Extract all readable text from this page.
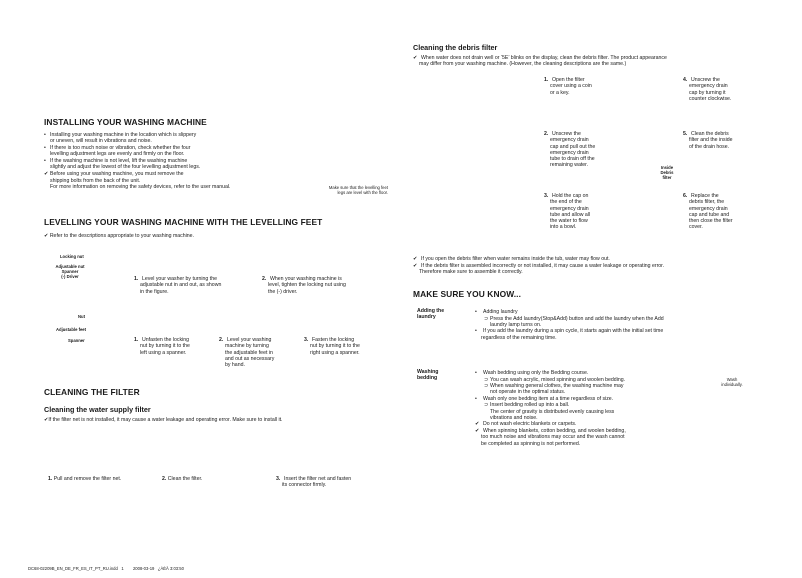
INSTALLING YOUR WASHING MACHINE
• Installing your washing machine in the location which is slippery
or uneven, will result in vibrations and noise.
• If there is too much noise or vibration, check whether the four
levelling adjustment legs are evenly and firmly on the floor.
• If the washing machine is not level, lift the washing machine
slightly and adjust the lowest of the four levelling adjustment legs.
✔ Before using your washing machine, you must remove the
shipping bolts from the back of the unit.
For more information on removing the safety devices, refer to the user manual.	Make sure that the levelling feet
legs are level with the floor.
LEVELLING YOUR WASHING MACHINE WITH THE LEVELLING FEET
✔ Refer to the descriptions appropriate to your washing machine.
Locking nut
Adjustable nut
Spanner
(-) Driver
Nut
Adjustable feet
Spanner
1. Level your washer by turning the
adjustable nut in and out, as shown
in the figure.
2. When your washing machine is
level, tighten the locking nut using
the (-) driver.
1. Unfasten the locking
nut by turning it to the
left using a spanner.
2. Level your washing
machine by turning
the adjustable feet in
and out as necessary
by hand.
3. Fasten the locking
nut by turning it to the
right using a spanner.
CLEANING THE FILTER
Cleaning the water supply filter
✔If the filter net is not installed, it may cause a water leakage and operating error. Make sure to install it.
1. Pull and remove the filter net.	2. Clean the filter.	3. Insert the filter net and fasten
its connector firmly.
DC68-02209B_EN_DE_FR_ES_IT_PT_RU.indd   1        2008-03-19   ¿ÀÈÄ 3:03:50
Cleaning the debris filter
✔ When water does not drain well or ‘5E’ blinks on the display, clean the debris filter. The product appearance
may differ from your washing machine. (However, the cleaning descriptions are the same.)
1. Open the filter
cover using a coin
or a key.
4. Unscrew the
emergency drain
cap by turning it
counter clockwise.
2. Unscrew the
emergency drain
cap and pull out the
emergency drain
tube to drain off the
remaining water.
5. Clean the debris
filter and the inside
of the drain hose.
Inside
Debris
filter
3. Hold the cap on
the end of the
emergency drain
tube and allow all
the water to flow
into a bowl.
6. Replace the
debris filter, the
emergency drain
cap and tube and
then close the filter
cover.
✔ If you open the debris filter when water remains inside the tub, water may flow out.
✔ If the debris filter is assembled incorrectly or not installed, it may cause a water leakage or operating error.
Therefore make sure to assemble it correctly.
MAKE SURE YOU KNOW...
Adding the
laundry
• Adding laundry
⊃ Press the Add laundry(Stop&Add) button and add the laundry when the Add
laundry lamp turns on.
• If you add the laundry during a spin cycle, it starts again with the initial set time
regardless of the remaining time.
Washing
bedding
• Wash bedding using only the Bedding course.
⊃ You can wash acrylic, mixed spinning and woolen bedding.
⊃ When washing general clothes, the washing machine may
not operate in the optimal status.
• Wash only one bedding item at a time regardless of size.
⊃ Insert bedding rolled up into a ball.
The center of gravity is distributed evenly causing less
vibrations and noise.
✔ Do not wash electric blankets or carpets.
✔ When spinning blankets, cotton bedding, and woolen bedding,
too much noise and vibrations may occur and the wash cannot
be completed as spinning is not performed.
Wash
individually.
